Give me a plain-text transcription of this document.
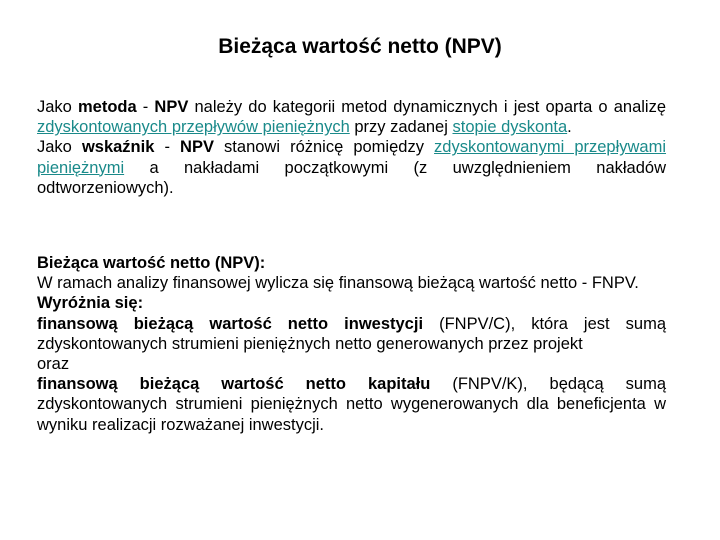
Bieżąca wartość netto (NPV)

Jako metoda - NPV należy do kategorii metod dynamicznych i jest oparta o analizę zdyskontowanych przepływów pieniężnych przy zadanej stopie dyskonta.

Jako wskaźnik - NPV stanowi różnicę pomiędzy zdyskontowanymi przepływami pieniężnymi a nakładami początkowymi (z uwzględnieniem nakładów odtworzeniowych).

Bieżąca wartość netto (NPV):

W ramach analizy finansowej wylicza się finansową bieżącą wartość netto - FNPV.

Wyróżnia się:

finansową bieżącą wartość netto inwestycji (FNPV/C), która jest sumą zdyskontowanych strumieni pieniężnych netto generowanych przez projekt

oraz

finansową bieżącą wartość netto kapitału (FNPV/K), będącą sumą zdyskontowanych strumieni pieniężnych netto wygenerowanych dla beneficjenta w wyniku realizacji rozważanej inwestycji.
